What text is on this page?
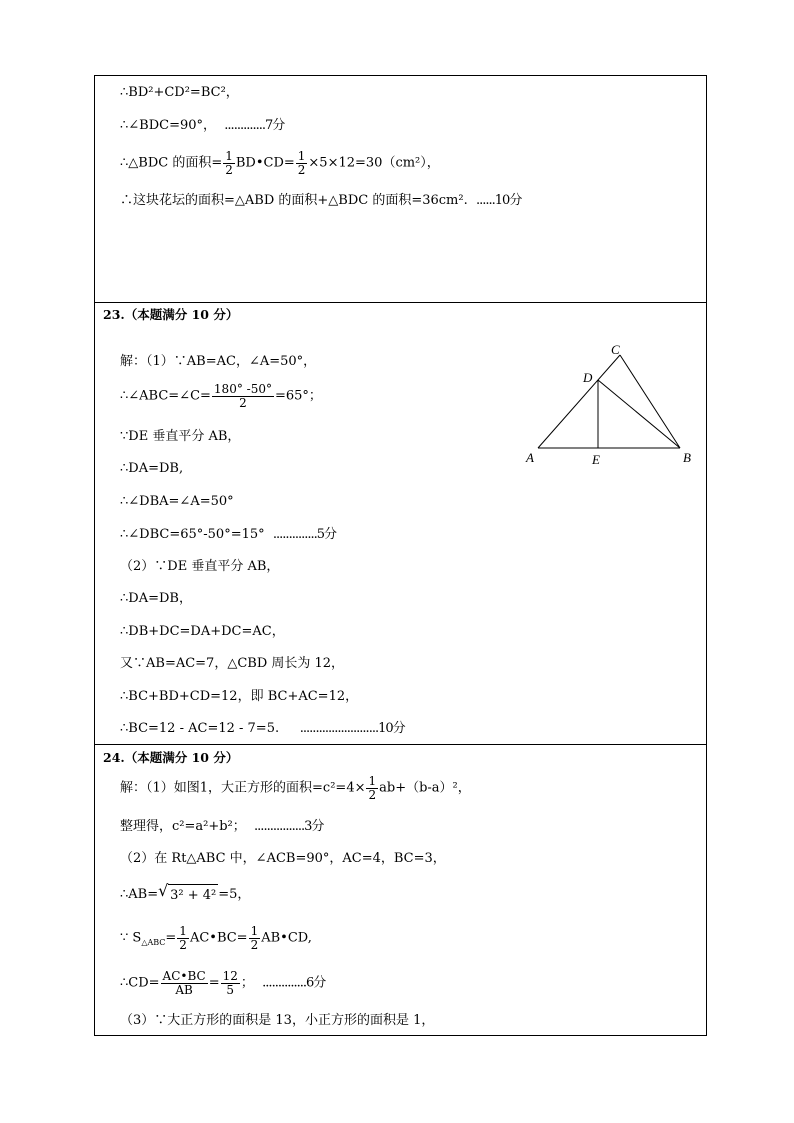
∴BD²+CD²=BC²，
∴∠BDC=90°， .............7分
∴△BDC 的面积= $\frac{1}{2}$ BD•CD= $\frac{1}{2} \times 5\times 12=30(cm^2)$，
∴这块花坛的面积=△ABD 的面积+△BDC 的面积=36cm². ......10分
23.（本题满分 10 分）
解：（1）∵AB=AC，∠A=50°，
∴∠ABC=∠C= $\frac{180^\circ -50^\circ}{2} =65^\circ$；
∵DE 垂直平分 AB，
∴DA=DB,
∴∠DBA=∠A=50°
∴∠DBC=65°-50°=15° ..............5分
（2）∵DE 垂直平分 AB，
∴DA=DB，
∴DB+DC=DA+DC=AC，
又∵AB=AC=7，△CBD 周长为 12，
∴BC+BD+CD=12，即 BC+AC=12，
∴BC=12 - AC=12 - 7=5. .........................10分
A	B
C
D
E
24.（本题满分 10 分）
解：（1）如图1，大正方形的面积$=c^2=4\times \frac{1}{2} ab+(b-a)^2$，
整理得，c²=a²+b²； ................3分
（2）在 Rt△ABC 中，∠ACB=90°，AC=4，BC=3，
∴AB= √ 3² + 4² =5，
∵ $S_{\triangle ABC}= \frac{1}{2}$ AC•BC= $\frac{1}{2}$ AB•CD,
∴CD= $\frac{AC•BC}{AB} = \frac{12}{5}$ ； ..............6分
（3）∵大正方形的面积是 13，小正方形的面积是 1，
